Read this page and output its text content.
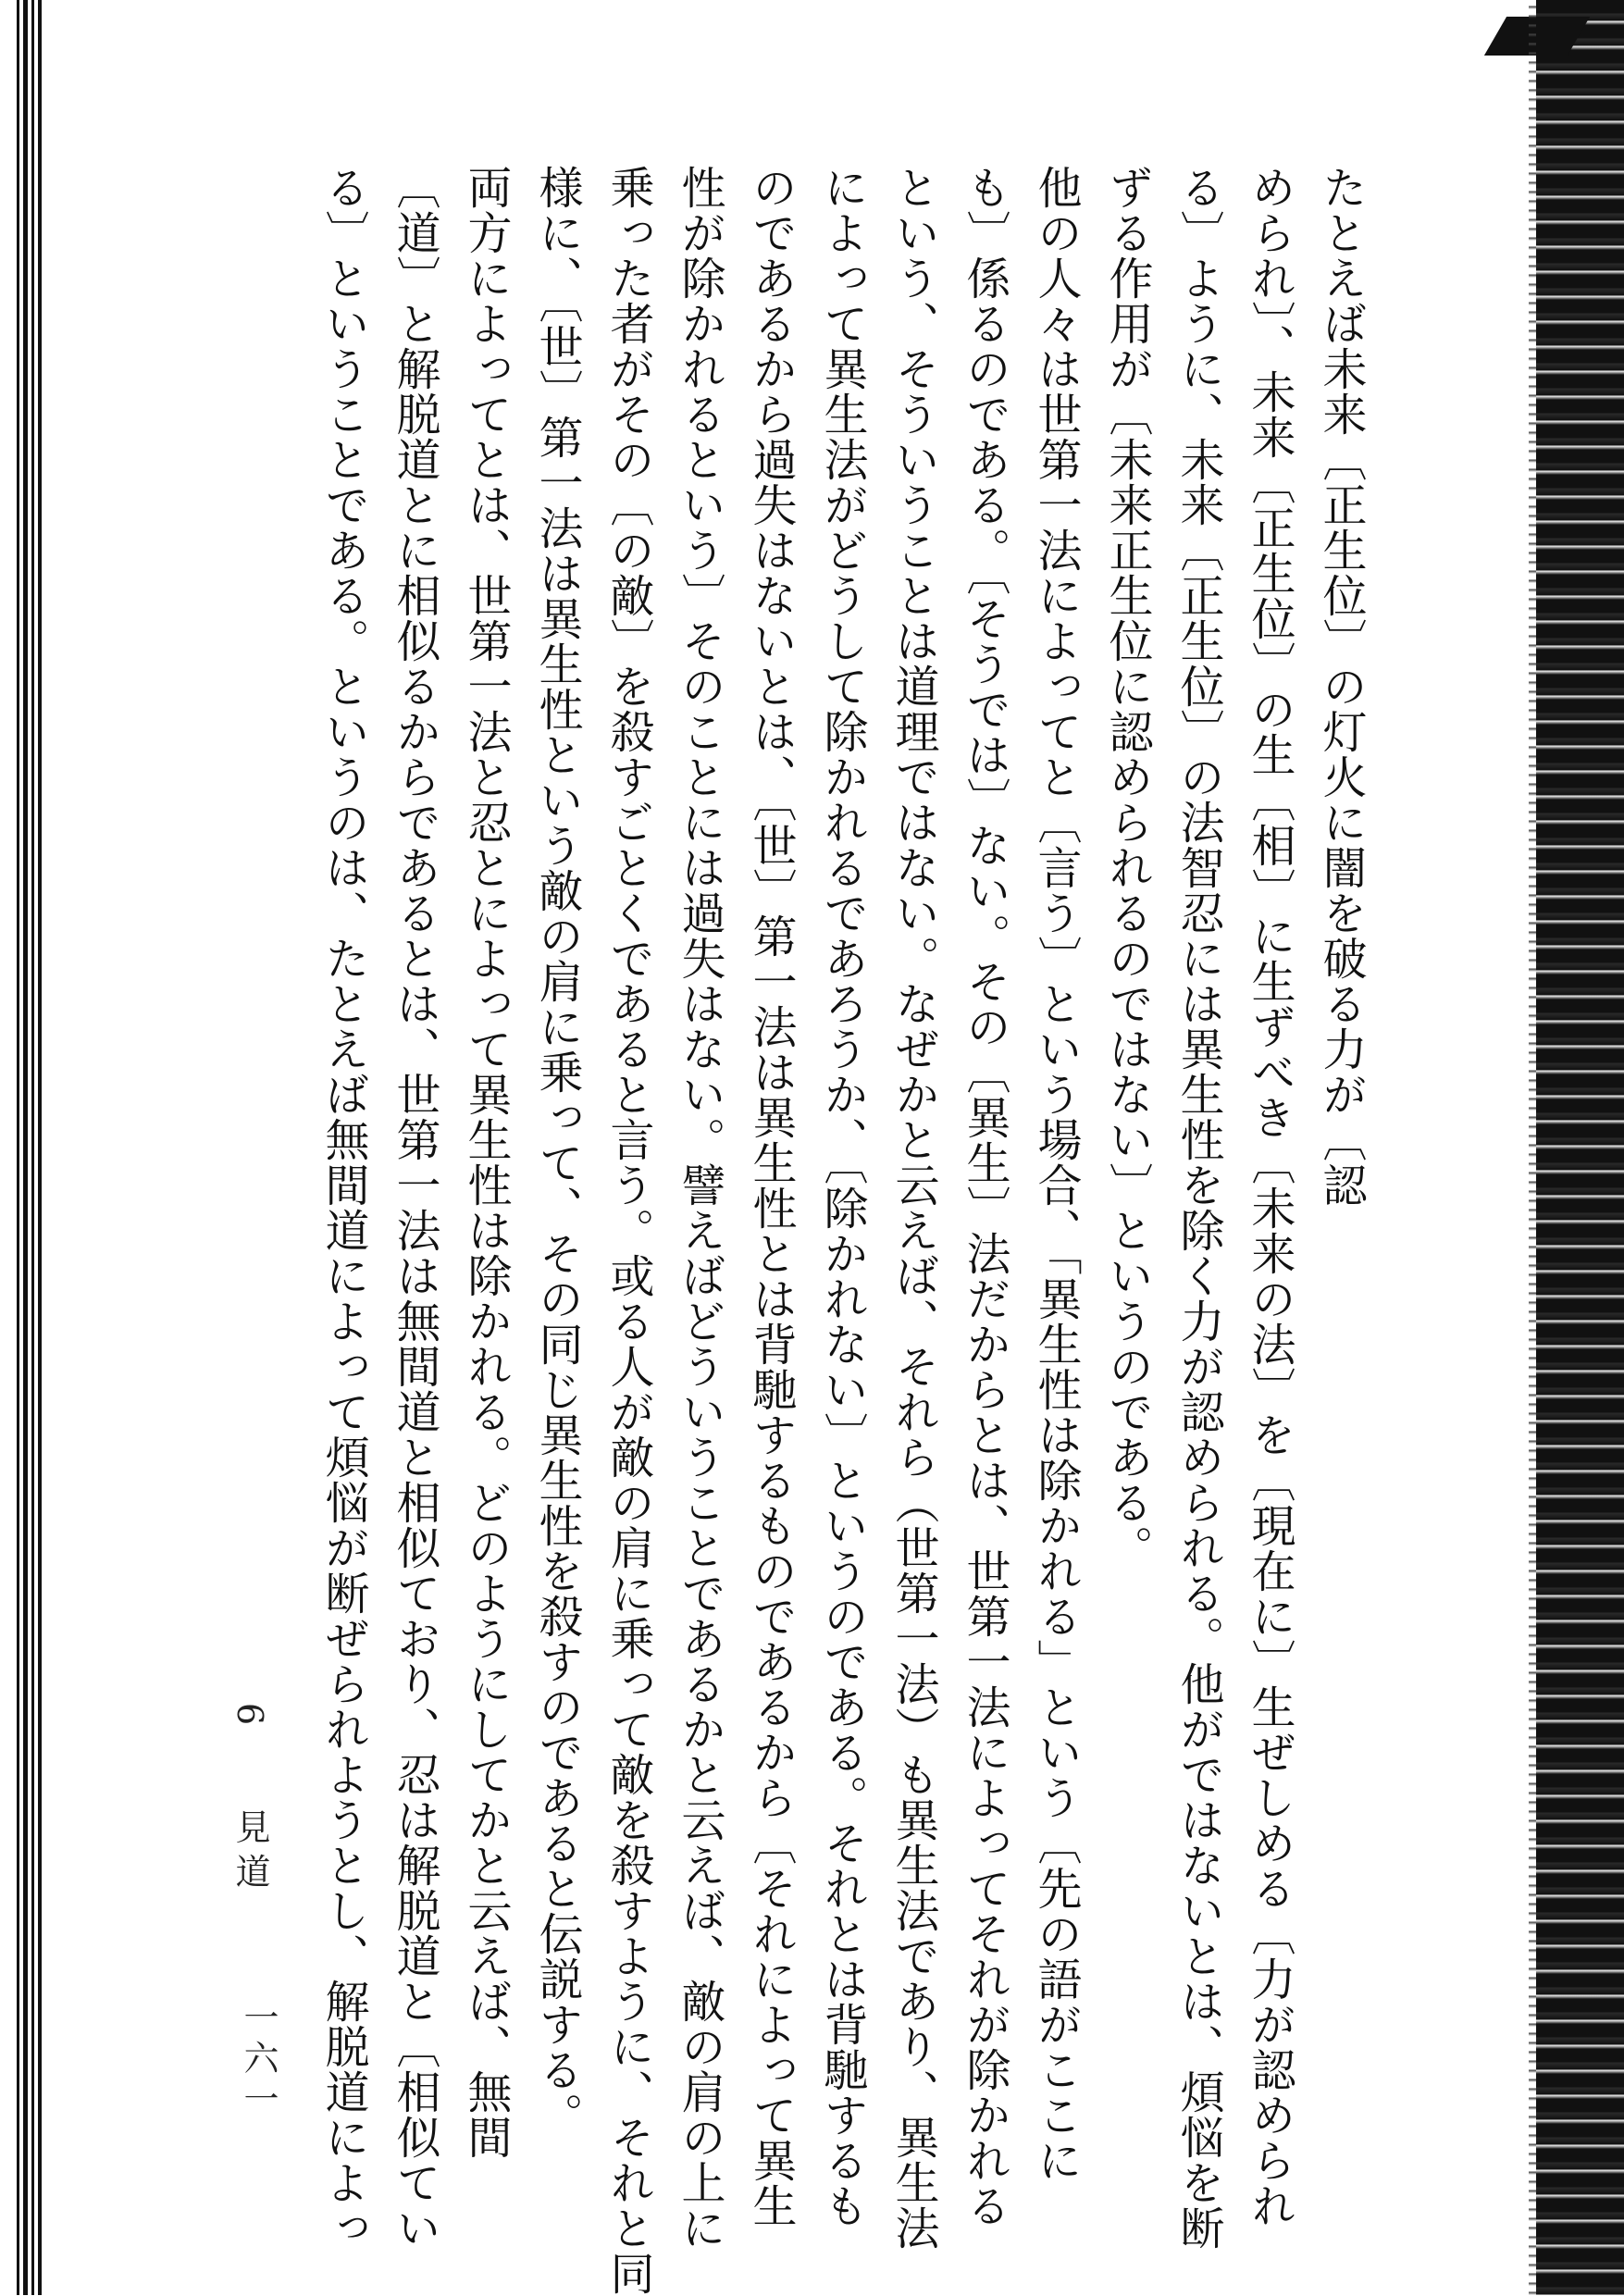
たとえば未来〔正生位〕の灯火に闇を破る力が〔認
められ〕、未来〔正生位〕の生〔相〕に生ずべき〔未来の法〕を〔現在に〕生ぜしめる〔力が認められ
る〕ように、未来〔正生位〕の法智忍には異生性を除く力が認められる。他がではないとは、煩悩を断
ずる作用が〔未来正生位に認められるのではない〕というのである。
他の人々は世第一法によってと〔言う〕という場合、「異生性は除かれる」という〔先の語がここに
も〕係るのである。〔そうでは〕ない。その〔異生〕法だからとは、世第一法によってそれが除かれる
という、そういうことは道理ではない。なぜかと云えば、それら（世第一法）も異生法であり、異生法
によって異生法がどうして除かれるであろうか、〔除かれない〕というのである。それとは背馳するも
のであるから過失はないとは、〔世〕第一法は異生性とは背馳するものであるから〔それによって異生
性が除かれるという〕そのことには過失はない。譬えばどういうことであるかと云えば、敵の肩の上に
乗った者がその〔の敵〕を殺すごとくであると言う。或る人が敵の肩に乗って敵を殺すように、それと同
様に、〔世〕第一法は異生性という敵の肩に乗って、その同じ異生性を殺すのであると伝説する。
両方によってとは、世第一法と忍とによって異生性は除かれる。どのようにしてかと云えば、無間
〔道〕と解脱道とに相似るからであるとは、世第一法は無間道と相似ており、忍は解脱道と〔相似てい
る〕ということである。というのは、たとえば無間道によって煩悩が断ぜられようとし、解脱道によっ
6  見道
一六一
